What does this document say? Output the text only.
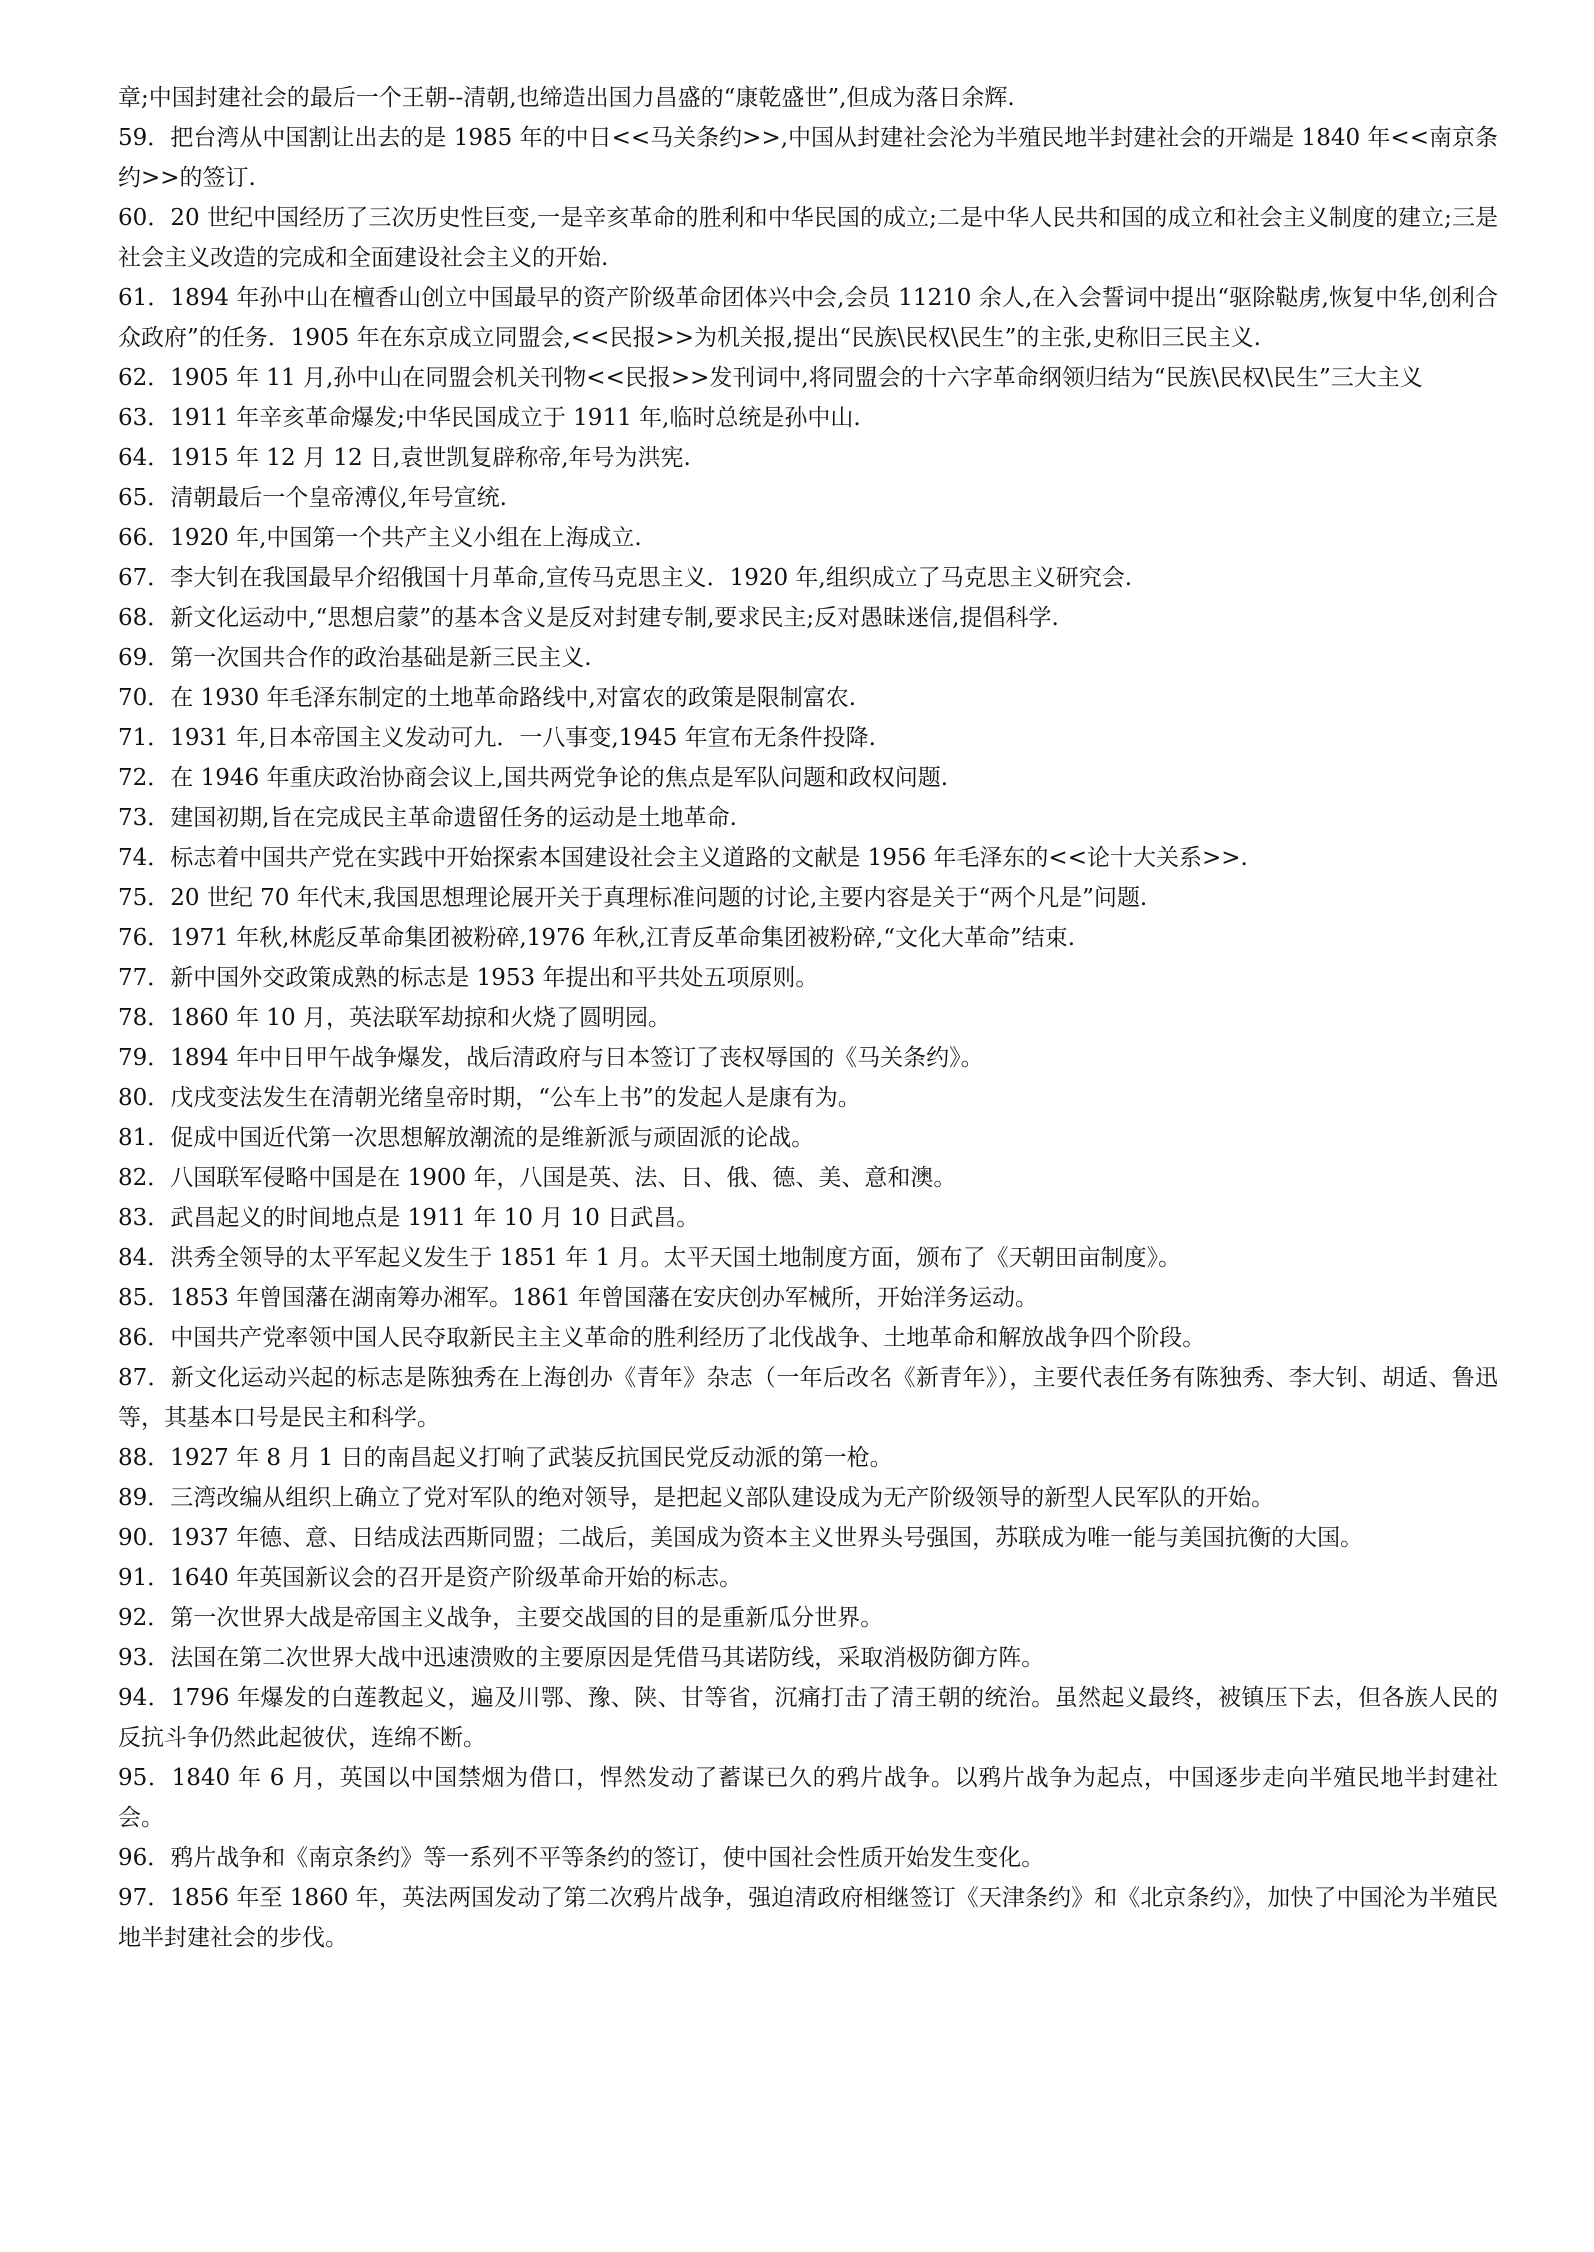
章;中国封建社会的最后一个王朝--清朝,也缔造出国力昌盛的“康乾盛世”,但成为落日余辉.

59．把台湾从中国割让出去的是 1985 年的中日<<马关条约>>,中国从封建社会沦为半殖民地半封建社会的开端是 1840 年<<南京条约>>的签订.

60．20 世纪中国经历了三次历史性巨变,一是辛亥革命的胜利和中华民国的成立;二是中华人民共和国的成立和社会主义制度的建立;三是社会主义改造的完成和全面建设社会主义的开始.

61．1894 年孙中山在檀香山创立中国最早的资产阶级革命团体兴中会,会员 11210 余人,在入会誓词中提出“驱除鞑虏,恢复中华,创利合众政府”的任务．1905 年在东京成立同盟会,<<民报>>为机关报,提出“民族\民权\民生”的主张,史称旧三民主义.

62．1905 年 11 月,孙中山在同盟会机关刊物<<民报>>发刊词中,将同盟会的十六字革命纲领归结为“民族\民权\民生”三大主义

63．1911 年辛亥革命爆发;中华民国成立于 1911 年,临时总统是孙中山.

64．1915 年 12 月 12 日,袁世凯复辟称帝,年号为洪宪.

65．清朝最后一个皇帝溥仪,年号宣统.

66．1920 年,中国第一个共产主义小组在上海成立.

67．李大钊在我国最早介绍俄国十月革命,宣传马克思主义．1920 年,组织成立了马克思主义研究会.

68．新文化运动中,“思想启蒙”的基本含义是反对封建专制,要求民主;反对愚昧迷信,提倡科学.

69．第一次国共合作的政治基础是新三民主义.

70．在 1930 年毛泽东制定的土地革命路线中,对富农的政策是限制富农.

71．1931 年,日本帝国主义发动可九．一八事变,1945 年宣布无条件投降.

72．在 1946 年重庆政治协商会议上,国共两党争论的焦点是军队问题和政权问题.

73．建国初期,旨在完成民主革命遗留任务的运动是土地革命.

74．标志着中国共产党在实践中开始探索本国建设社会主义道路的文献是 1956 年毛泽东的<<论十大关系>>.

75．20 世纪 70 年代末,我国思想理论展开关于真理标准问题的讨论,主要内容是关于“两个凡是”问题.

76．1971 年秋,林彪反革命集团被粉碎,1976 年秋,江青反革命集团被粉碎,“文化大革命”结束.

77．新中国外交政策成熟的标志是 1953 年提出和平共处五项原则。

78．1860 年 10 月，英法联军劫掠和火烧了圆明园。

79．1894 年中日甲午战争爆发，战后清政府与日本签订了丧权辱国的《马关条约》。

80．戊戌变法发生在清朝光绪皇帝时期，“公车上书”的发起人是康有为。

81．促成中国近代第一次思想解放潮流的是维新派与顽固派的论战。

82．八国联军侵略中国是在 1900 年，八国是英、法、日、俄、德、美、意和澳。

83．武昌起义的时间地点是 1911 年 10 月 10 日武昌。

84．洪秀全领导的太平军起义发生于 1851 年 1 月。太平天国土地制度方面，颁布了《天朝田亩制度》。

85．1853 年曾国藩在湖南筹办湘军。1861 年曾国藩在安庆创办军械所，开始洋务运动。

86．中国共产党率领中国人民夺取新民主主义革命的胜利经历了北伐战争、土地革命和解放战争四个阶段。

87．新文化运动兴起的标志是陈独秀在上海创办《青年》杂志（一年后改名《新青年》），主要代表任务有陈独秀、李大钊、胡适、鲁迅等，其基本口号是民主和科学。

88．1927 年 8 月 1 日的南昌起义打响了武装反抗国民党反动派的第一枪。

89．三湾改编从组织上确立了党对军队的绝对领导，是把起义部队建设成为无产阶级领导的新型人民军队的开始。

90．1937 年德、意、日结成法西斯同盟；二战后，美国成为资本主义世界头号强国，苏联成为唯一能与美国抗衡的大国。

91．1640 年英国新议会的召开是资产阶级革命开始的标志。

92．第一次世界大战是帝国主义战争，主要交战国的目的是重新瓜分世界。

93．法国在第二次世界大战中迅速溃败的主要原因是凭借马其诺防线，采取消极防御方阵。

94．1796 年爆发的白莲教起义，遍及川鄂、豫、陕、甘等省，沉痛打击了清王朝的统治。虽然起义最终，被镇压下去，但各族人民的反抗斗争仍然此起彼伏，连绵不断。

95．1840 年 6 月，英国以中国禁烟为借口，悍然发动了蓄谋已久的鸦片战争。以鸦片战争为起点，中国逐步走向半殖民地半封建社会。

96．鸦片战争和《南京条约》等一系列不平等条约的签订，使中国社会性质开始发生变化。

97．1856 年至 1860 年，英法两国发动了第二次鸦片战争，强迫清政府相继签订《天津条约》和《北京条约》，加快了中国沦为半殖民地半封建社会的步伐。
